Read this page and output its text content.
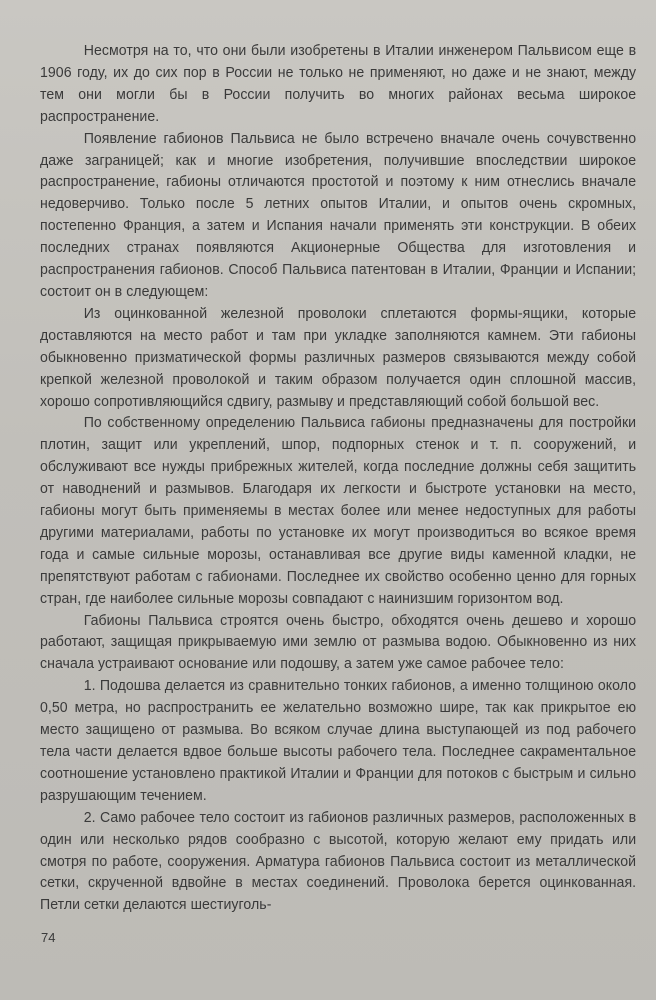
Несмотря на то, что они были изобретены в Италии инженером Пальвисом еще в 1906 году, их до сих пор в России не только не применяют, но даже и не знают, между тем они могли бы в России получить во многих районах весьма широкое распространение.

Появление габионов Пальвиса не было встречено вначале очень сочувственно даже заграницей; как и многие изобретения, получившие впоследствии широкое распространение, габионы отличаются простотой и поэтому к ним отнеслись вначале недоверчиво. Только после 5 летних опытов Италии, и опытов очень скромных, постепенно Франция, а затем и Испания начали применять эти конструкции. В обеих последних странах появляются Акционерные Общества для изготовления и распространения габионов. Способ Пальвиса патентован в Италии, Франции и Испании; состоит он в следующем:

Из оцинкованной железной проволоки сплетаются формы-ящики, которые доставляются на место работ и там при укладке заполняются камнем. Эти габионы обыкновенно призматической формы различных размеров связываются между собой крепкой железной проволокой и таким образом получается один сплошной массив, хорошо сопротивляющийся сдвигу, размыву и представляющий собой большой вес.

По собственному определению Пальвиса габионы предназначены для постройки плотин, защит или укреплений, шпор, подпорных стенок и т. п. сооружений, и обслуживают все нужды прибрежных жителей, когда последние должны себя защитить от наводнений и размывов. Благодаря их легкости и быстроте установки на место, габионы могут быть применяемы в местах более или менее недоступных для работы другими материалами, работы по установке их могут производиться во всякое время года и самые сильные морозы, останавливая все другие виды каменной кладки, не препятствуют работам с габионами. Последнее их свойство особенно ценно для горных стран, где наиболее сильные морозы совпадают с наинизшим горизонтом вод.

Габионы Пальвиса строятся очень быстро, обходятся очень дешево и хорошо работают, защищая прикрываемую ими землю от размыва водою. Обыкновенно из них сначала устраивают основание или подошву, а затем уже самое рабочее тело:

1. Подошва делается из сравнительно тонких габионов, а именно толщиною около 0,50 метра, но распространить ее желательно возможно шире, так как прикрытое ею место защищено от размыва. Во всяком случае длина выступающей из под рабочего тела части делается вдвое больше высоты рабочего тела. Последнее сакраментальное соотношение установлено практикой Италии и Франции для потоков с быстрым и сильно разрушающим течением.

2. Само рабочее тело состоит из габионов различных размеров, расположенных в один или несколько рядов сообразно с высотой, которую желают ему придать или смотря по работе, сооружения. Арматура габионов Пальвиса состоит из металлической сетки, скрученной вдвойне в местах соединений. Проволока берется оцинкованная. Петли сетки делаются шестиуголь-

74
